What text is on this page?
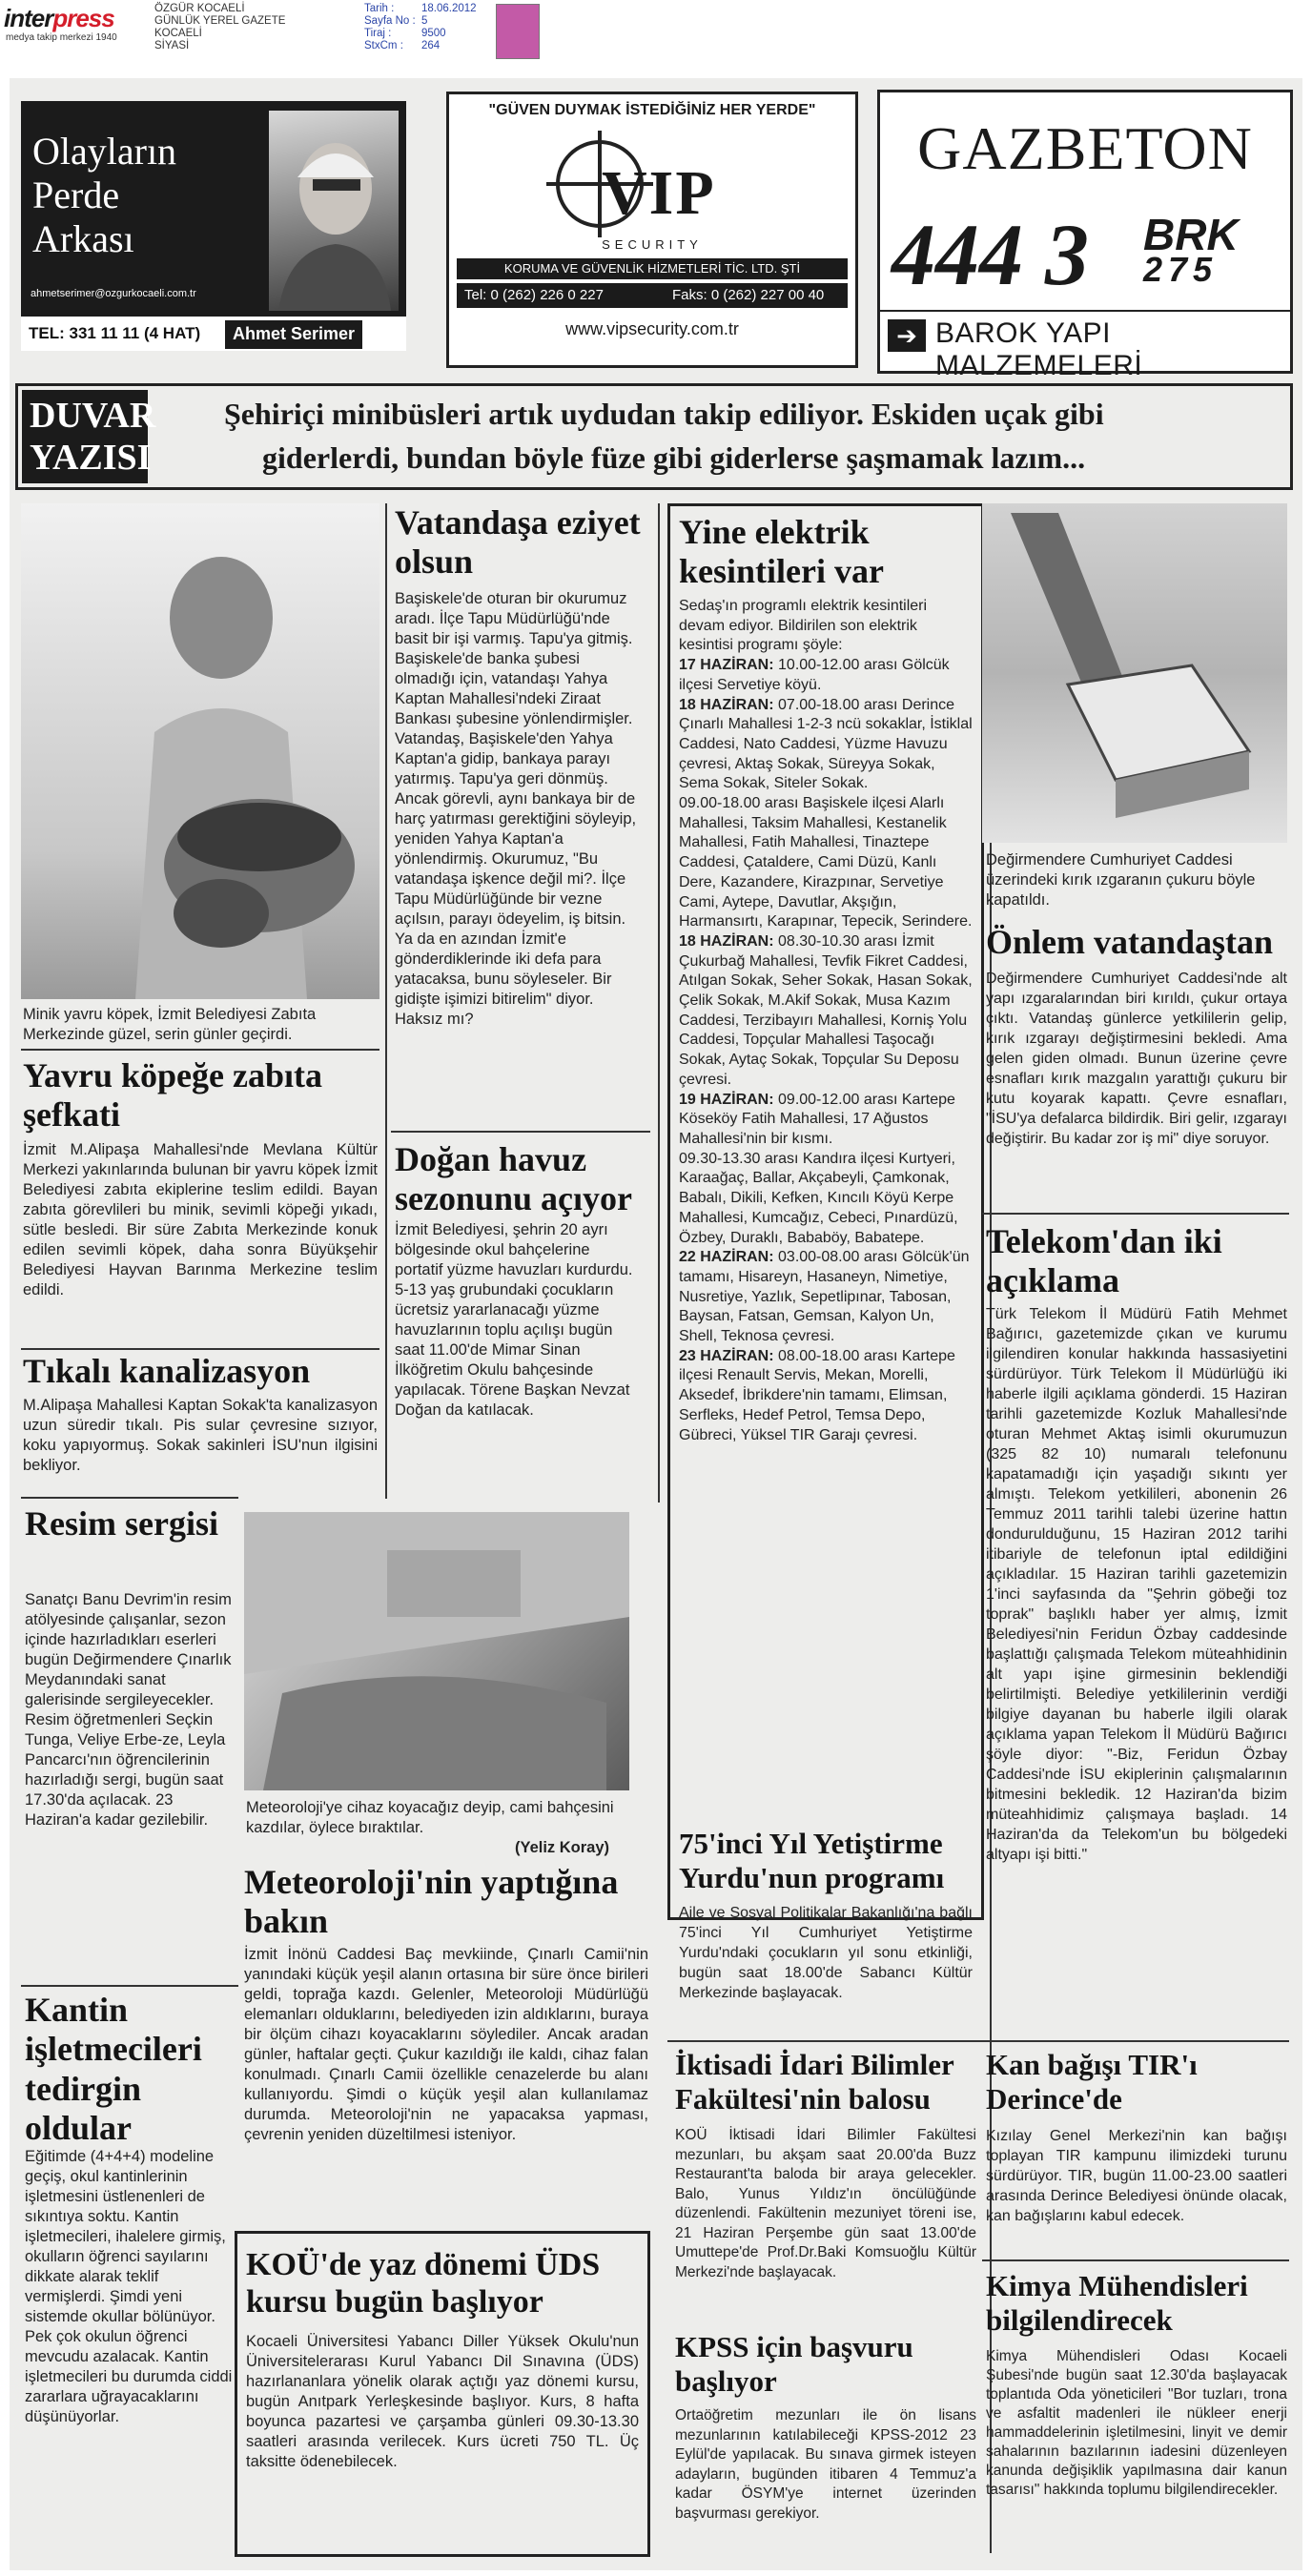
interpress
medya takip merkezi 1940
ÖZGÜR KOCAELİ
GÜNLÜK YEREL GAZETE
KOCAELİ
SİYASİ
Tarih :
Sayfa No :
Tiraj :
StxCm :
18.06.2012
5
9500
264
Olayların Perde Arkası
ahmetserimer@ozgurkocaeli.com.tr
TEL: 331 11 11 (4 HAT)	Ahmet Serimer
"GÜVEN DUYMAK İSTEDİĞİNİZ HER YERDE"
VIP
SECURITY
KORUMA VE GÜVENLİK HİZMETLERİ TİC. LTD. ŞTİ
Tel: 0 (262) 226 0 227	Faks: 0 (262) 227 00 40
www.vipsecurity.com.tr
GAZBETON
444 3 BRK
275
➔ BAROK YAPI MALZEMELERİ
DUVAR
YAZISI
Şehiriçi minibüsleri artık uydudan takip ediliyor. Eskiden uçak gibi
giderlerdi, bundan böyle füze gibi giderlerse şaşmamak lazım...
Minik yavru köpek, İzmit Belediyesi Zabıta Merkezinde güzel, serin günler geçirdi.
Yavru köpeğe zabıta şefkati
İzmit M.Alipaşa Mahallesi'nde Mevlana Kültür Merkezi yakınlarında bulunan bir yavru köpek İzmit Belediyesi zabıta ekiplerine teslim edildi. Bayan zabıta görevlileri bu minik, sevimli köpeği yıkadı, sütle besledi. Bir süre Zabıta Merkezinde konuk edilen sevimli köpek, daha sonra Büyükşehir Belediyesi Hayvan Barınma Merkezine teslim edildi.
Tıkalı kanalizasyon
M.Alipaşa Mahallesi Kaptan Sokak'ta kanalizasyon uzun süredir tıkalı. Pis sular çevresine sızıyor, koku yapıyormuş. Sokak sakinleri İSU'nun ilgisini bekliyor.
Resim sergisi
Sanatçı Banu Devrim'in resim atölyesinde çalışanlar, sezon içinde hazırladıkları eserleri bugün Değirmendere Çınarlık Meydanındaki sanat galerisinde sergileyecekler. Resim öğretmenleri Seçkin Tunga, Veliye Erbe-ze, Leyla Pancarcı'nın öğrencilerinin hazırladığı sergi, bugün saat 17.30'da açılacak. 23 Haziran'a kadar gezilebilir.
Kantin işletmecileri tedirgin oldular
Eğitimde (4+4+4) modeline geçiş, okul kantinlerinin işletmesini üstlenenleri de sıkıntıya soktu. Kantin işletmecileri, ihalelere girmiş, okulların öğrenci sayılarını dikkate alarak teklif vermişlerdi. Şimdi yeni sistemde okullar bölünüyor. Pek çok okulun öğrenci mevcudu azalacak. Kantin işletmecileri bu durumda ciddi zararlara uğrayacaklarını düşünüyorlar.
Vatandaşa eziyet olsun
Başiskele'de oturan bir okurumuz aradı. İlçe Tapu Müdürlüğü'nde basit bir işi varmış. Tapu'ya gitmiş. Başiskele'de banka şubesi olmadığı için, vatandaşı Yahya Kaptan Mahallesi'ndeki Ziraat Bankası şubesine yönlendirmişler. Vatandaş, Başiskele'den Yahya Kaptan'a gidip, bankaya parayı yatırmış. Tapu'ya geri dönmüş. Ancak görevli, aynı bankaya bir de harç yatırması gerektiğini söyleyip, yeniden Yahya Kaptan'a yönlendirmiş. Okurumuz, "Bu vatandaşa işkence değil mi?. İlçe Tapu Müdürlüğünde bir vezne açılsın, parayı ödeyelim, iş bitsin. Ya da en azından İzmit'e gönderdiklerinde iki defa para yatacaksa, bunu söyleseler. Bir gidişte işimizi bitirelim" diyor. Haksız mı?
Doğan havuz sezonunu açıyor
İzmit Belediyesi, şehrin 20 ayrı bölgesinde okul bahçelerine portatif yüzme havuzları kurdurdu. 5-13 yaş grubundaki çocukların ücretsiz yararlanacağı yüzme havuzlarının toplu açılışı bugün saat 11.00'de Mimar Sinan İlköğretim Okulu bahçesinde yapılacak. Törene Başkan Nevzat Doğan da katılacak.
Meteoroloji'ye cihaz koyacağız deyip, cami bahçesini kazdılar, öylece bıraktılar.
(Yeliz Koray)
Meteoroloji'nin yaptığına bakın
İzmit İnönü Caddesi Baç mevkiinde, Çınarlı Camii'nin yanındaki küçük yeşil alanın ortasına bir süre önce birileri geldi, toprağa kazdı. Gelenler, Meteoroloji Müdürlüğü elemanları olduklarını, belediyeden izin aldıklarını, buraya bir ölçüm cihazı koyacaklarını söylediler. Ancak aradan günler, haftalar geçti. Çukur kazıldığı ile kaldı, cihaz falan konulmadı. Çınarlı Camii özellikle cenazelerde bu alanı kullanıyordu. Şimdi o küçük yeşil alan kullanılamaz durumda. Meteoroloji'nin ne yapacaksa yapması, çevrenin yeniden düzeltilmesi isteniyor.
KOÜ'de yaz dönemi ÜDS kursu bugün başlıyor
Kocaeli Üniversitesi Yabancı Diller Yüksek Okulu'nun Üniversitelerarası Kurul Yabancı Dil Sınavına (ÜDS) hazırlananlara yönelik olarak açtığı yaz dönemi kursu, bugün Anıtpark Yerleşkesinde başlıyor. Kurs, 8 hafta boyunca pazartesi ve çarşamba günleri 09.30-13.30 saatleri arasında verilecek. Kurs ücreti 750 TL. Üç taksitte ödenebilecek.
Yine elektrik kesintileri var
Sedaş'ın programlı elektrik kesintileri devam ediyor. Bildirilen son elektrik kesintisi programı şöyle:
17 HAZİRAN: 10.00-12.00 arası Gölcük ilçesi Servetiye köyü.
18 HAZİRAN: 07.00-18.00 arası Derince Çınarlı Mahallesi 1-2-3 ncü sokaklar, İstiklal Caddesi, Nato Caddesi, Yüzme Havuzu çevresi, Aktaş Sokak, Süreyya Sokak, Sema Sokak, Siteler Sokak.
09.00-18.00 arası Başiskele ilçesi Alarlı Mahallesi, Taksim Mahallesi, Kestanelik Mahallesi, Fatih Mahallesi, Tinaztepe Caddesi, Çataldere, Cami Düzü, Kanlı Dere, Kazandere, Kirazpınar, Servetiye Cami, Aytepe, Davutlar, Akşığın, Harmansırtı, Karapınar, Tepecik, Serindere.
18 HAZİRAN: 08.30-10.30 arası İzmit Çukurbağ Mahallesi, Tevfik Fikret Caddesi, Atılgan Sokak, Seher Sokak, Hasan Sokak, Çelik Sokak, M.Akif Sokak, Musa Kazım Caddesi, Terzibayırı Mahallesi, Korniş Yolu Caddesi, Topçular Mahallesi Taşocağı Sokak, Aytaç Sokak, Topçular Su Deposu çevresi.
19 HAZİRAN: 09.00-12.00 arası Kartepe Köseköy Fatih Mahallesi, 17 Ağustos Mahallesi'nin bir kısmı.
09.30-13.30 arası Kandıra ilçesi Kurtyeri, Karaağaç, Ballar, Akçabeyli, Çamkonak, Babalı, Dikili, Kefken, Kıncılı Köyü Kerpe Mahallesi, Kumcağız, Cebeci, Pınardüzü, Özbey, Duraklı, Bababöy, Babatepe.
22 HAZİRAN: 03.00-08.00 arası Gölcük'ün tamamı, Hisareyn, Hasaneyn, Nimetiye, Nusretiye, Yazlık, Sepetlipınar, Tabosan, Baysan, Fatsan, Gemsan, Kalyon Un, Shell, Teknosa çevresi.
23 HAZİRAN: 08.00-18.00 arası Kartepe ilçesi Renault Servis, Mekan, Morelli, Aksedef, İbrikdere'nin tamamı, Elimsan, Serfleks, Hedef Petrol, Temsa Depo, Gübreci, Yüksel TIR Garajı çevresi.
75'inci Yıl Yetiştirme Yurdu'nun programı
Aile ve Sosyal Politikalar Bakanlığı'na bağlı 75'inci Yıl Cumhuriyet Yetiştirme Yurdu'ndaki çocukların yıl sonu etkinliği, bugün saat 18.00'de Sabancı Kültür Merkezinde başlayacak.
İktisadi İdari Bilimler Fakültesi'nin balosu
KOÜ İktisadi İdari Bilimler Fakültesi mezunları, bu akşam saat 20.00'da Buzz Restaurant'ta baloda bir araya gelecekler. Balo, Yunus Yıldız'ın öncülüğünde düzenlendi. Fakültenin mezuniyet töreni ise, 21 Haziran Perşembe gün saat 13.00'de Umuttepe'de Prof.Dr.Baki Komsuoğlu Kültür Merkezi'nde başlayacak.
KPSS için başvuru başlıyor
Ortaöğretim mezunları ile ön lisans mezunlarının katılabileceği KPSS-2012 23 Eylül'de yapılacak. Bu sınava girmek isteyen adayların, bugünden itibaren 4 Temmuz'a kadar ÖSYM'ye internet üzerinden başvurması gerekiyor.
Değirmendere Cumhuriyet Caddesi üzerindeki kırık ızgaranın çukuru böyle kapatıldı.
Önlem vatandaştan
Değirmendere Cumhuriyet Caddesi'nde alt yapı ızgaralarından biri kırıldı, çukur ortaya çıktı. Vatandaş günlerce yetkililerin gelip, kırık ızgarayı değiştirmesini bekledi. Ama gelen giden olmadı. Bunun üzerine çevre esnafları kırık mazgalın yarattığı çukuru bir kutu koyarak kapattı. Çevre esnafları, "İSU'ya defalarca bildirdik. Biri gelir, ızgarayı değiştirir. Bu kadar zor iş mi" diye soruyor.
Telekom'dan iki açıklama
Türk Telekom İl Müdürü Fatih Mehmet Bağırıcı, gazetemizde çıkan ve kurumu ilgilendiren konular hakkında hassasiyetini sürdürüyor. Türk Telekom İl Müdürlüğü iki haberle ilgili açıklama gönderdi. 15 Haziran tarihli gazetemizde Kozluk Mahallesi'nde oturan Mehmet Aktaş isimli okurumuzun (325 82 10) numaralı telefonunu kapatamadığı için yaşadığı sıkıntı yer almıştı. Telekom yetkilileri, abonenin 26 Temmuz 2011 tarihli talebi üzerine hattın dondurulduğunu, 15 Haziran 2012 tarihi itibariyle de telefonun iptal edildiğini açıkladılar. 15 Haziran tarihli gazetemizin 1'inci sayfasında da "Şehrin göbeği toz toprak" başlıklı haber yer almış, İzmit Belediyesi'nin Feridun Özbay caddesinde başlattığı çalışmada Telekom müteahhidinin alt yapı işine girmesinin beklendiği belirtilmişti. Belediye yetkililerinin verdiği bilgiye dayanan bu haberle ilgili olarak açıklama yapan Telekom İl Müdürü Bağırıcı şöyle diyor: "-Biz, Feridun Özbay Caddesi'nde İSU ekiplerinin çalışmalarının bitmesini bekledik. 12 Haziran'da bizim müteahhidimiz çalışmaya başladı. 14 Haziran'da da Telekom'un bu bölgedeki altyapı işi bitti."
Kan bağışı TIR'ı Derince'de
Kızılay Genel Merkezi'nin kan bağışı toplayan TIR kampunu ilimizdeki turunu sürdürüyor. TIR, bugün 11.00-23.00 saatleri arasında Derince Belediyesi önünde olacak, kan bağışlarını kabul edecek.
Kimya Mühendisleri bilgilendirecek
Kimya Mühendisleri Odası Kocaeli Şubesi'nde bugün saat 12.30'da başlayacak toplantıda Oda yöneticileri "Bor tuzları, trona ve asfaltit madenleri ile nükleer enerji hammaddelerinin işletilmesini, linyit ve demir sahalarının bazılarının iadesini düzenleyen kanunda değişiklik yapılmasına dair kanun tasarısı" hakkında toplumu bilgilendirecekler.
